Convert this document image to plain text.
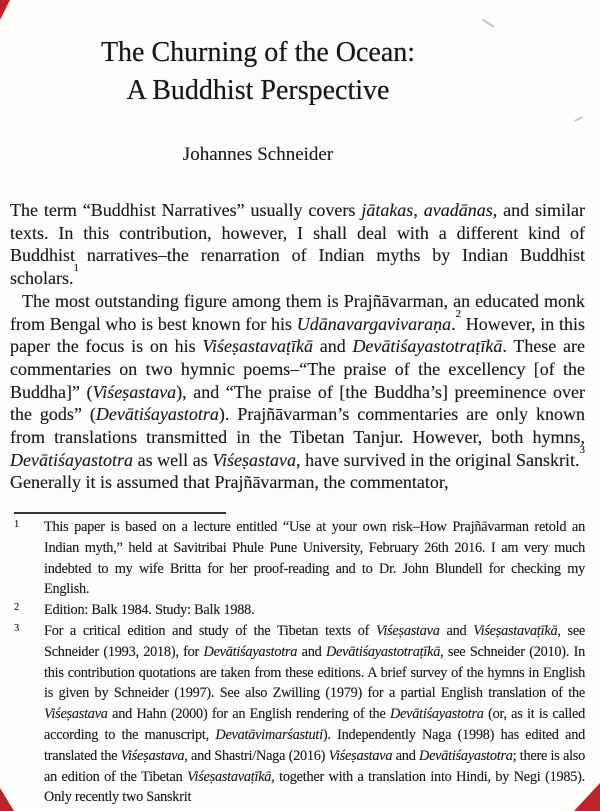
The Churning of the Ocean:
A Buddhist Perspective
Johannes Schneider

The term “Buddhist Narratives” usually covers jātakas, avadānas, and similar texts. In this contribution, however, I shall deal with a different kind of Buddhist narratives–the renarration of Indian myths by Indian Buddhist scholars.$^1$

The most outstanding figure among them is Prajñāvarman, an educated monk from Bengal who is best known for his Udānavargavivaraṇa.$^2$ However, in this paper the focus is on his Viśeṣastavaṭīkā and Devātiśayastotraṭīkā. These are commentaries on two hymnic poems–“The praise of the excellency [of the Buddha]” (Viśeṣastava), and “The praise of [the Buddha’s] preeminence over the gods” (Devātiśayastotra). Prajñāvarman’s commentaries are only known from translations transmitted in the Tibetan Tanjur. However, both hymns, Devātiśayastotra as well as Viśeṣastava, have survived in the original Sanskrit.$^3$ Generally it is assumed that Prajñāvarman, the commentator,

1 This paper is based on a lecture entitled “Use at your own risk–How Prajñāvarman retold an Indian myth,” held at Savitribai Phule Pune University, February 26th 2016. I am very much indebted to my wife Britta for her proof-reading and to Dr. John Blundell for checking my English.
2 Edition: Balk 1984. Study: Balk 1988.
3 For a critical edition and study of the Tibetan texts of Viśeṣastava and Viśeṣastavaṭīkā, see Schneider (1993, 2018), for Devātiśayastotra and Devātiśayastotraṭīkā, see Schneider (2010). In this contribution quotations are taken from these editions. A brief survey of the hymns in English is given by Schneider (1997). See also Zwilling (1979) for a partial English translation of the Viśeṣastava and Hahn (2000) for an English rendering of the Devātiśayastotra (or, as it is called according to the manuscript, Devatāvimarśastuti). Independently Naga (1998) has edited and translated the Viśeṣastava, and Shastri/Naga (2016) Viśeṣastava and Devātiśayastotra; there is also an edition of the Tibetan Viśeṣastavaṭīkā, together with a translation into Hindi, by Negi (1985). Only recently two Sanskrit
